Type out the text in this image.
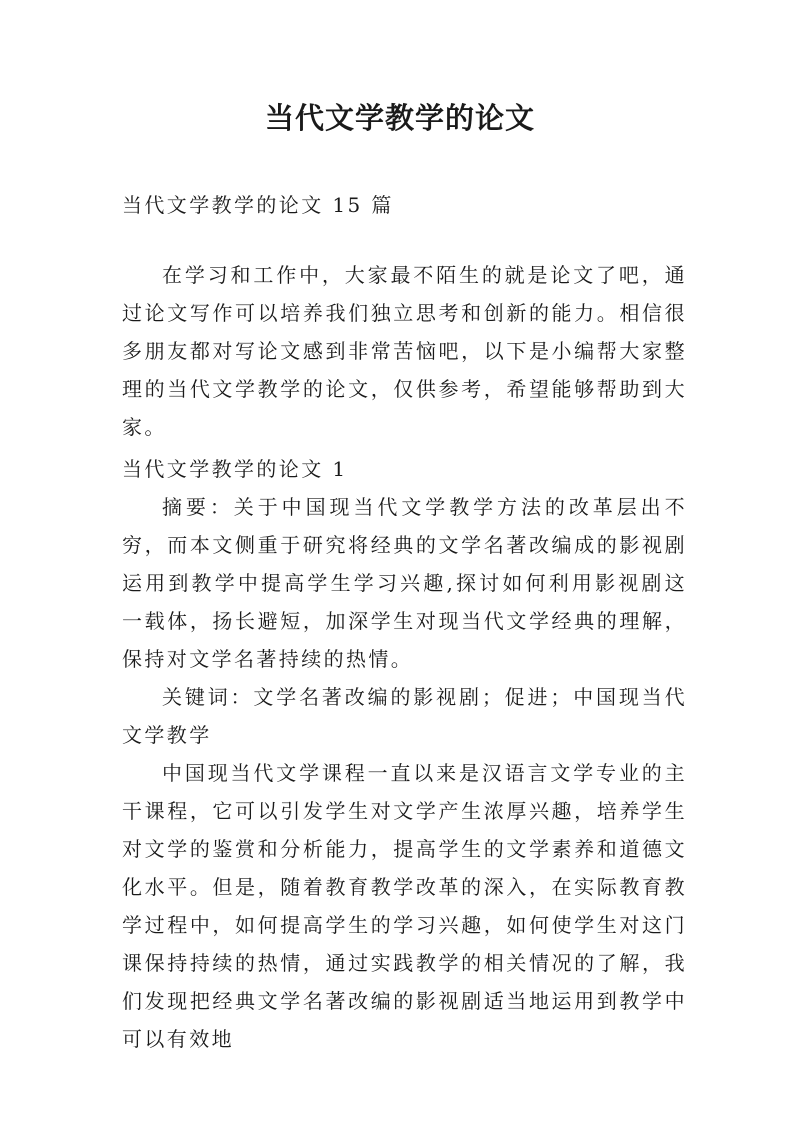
当代文学教学的论文

当代文学教学的论文 15 篇

在学习和工作中，大家最不陌生的就是论文了吧，通过论文写作可以培养我们独立思考和创新的能力。相信很多朋友都对写论文感到非常苦恼吧，以下是小编帮大家整理的当代文学教学的论文，仅供参考，希望能够帮助到大家。

当代文学教学的论文 1

摘要：关于中国现当代文学教学方法的改革层出不穷，而本文侧重于研究将经典的文学名著改编成的影视剧运用到教学中提高学生学习兴趣,探讨如何利用影视剧这一载体，扬长避短，加深学生对现当代文学经典的理解，保持对文学名著持续的热情。

关键词：文学名著改编的影视剧；促进；中国现当代文学教学

中国现当代文学课程一直以来是汉语言文学专业的主干课程，它可以引发学生对文学产生浓厚兴趣，培养学生对文学的鉴赏和分析能力，提高学生的文学素养和道德文化水平。但是，随着教育教学改革的深入，在实际教育教学过程中，如何提高学生的学习兴趣，如何使学生对这门课保持持续的热情，通过实践教学的相关情况的了解，我们发现把经典文学名著改编的影视剧适当地运用到教学中可以有效地
